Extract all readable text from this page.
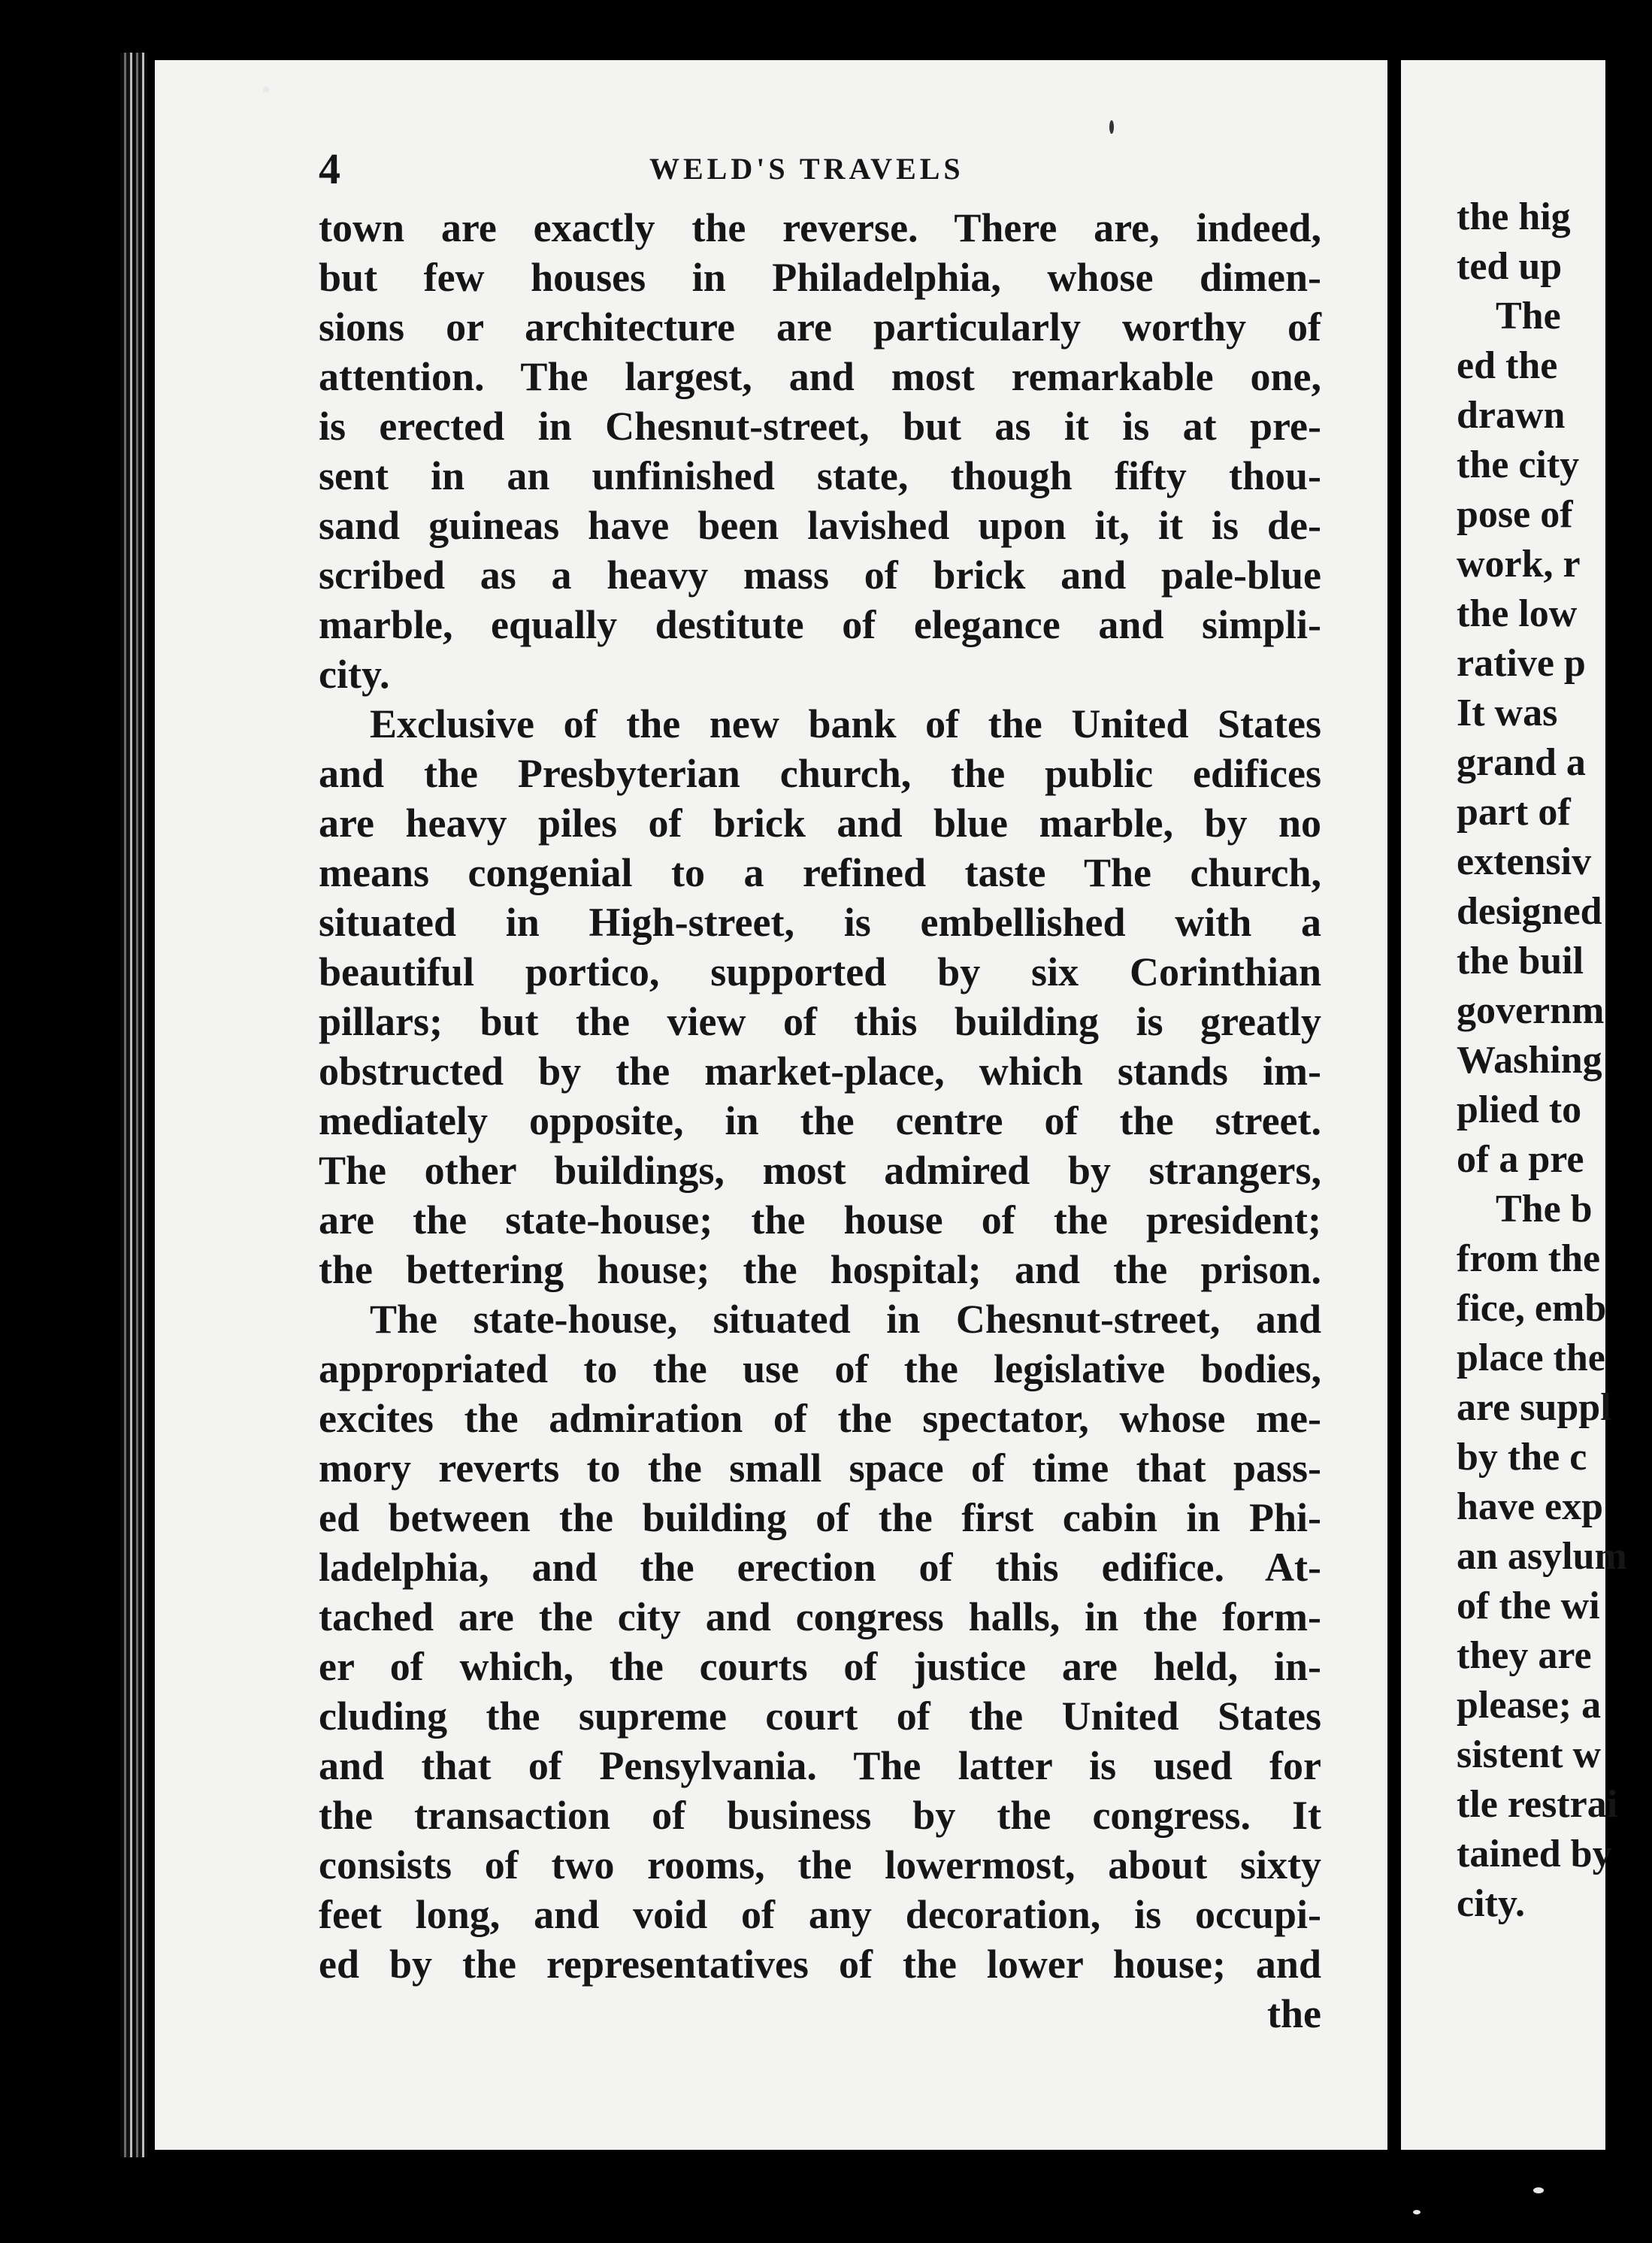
4	WELD'S TRAVELS
town are exactly the reverse. There are, indeed,
but few houses in Philadelphia, whose dimen-
sions or architecture are particularly worthy of
attention. The largest, and most remarkable one,
is erected in Chesnut-street, but as it is at pre-
sent in an unfinished state, though fifty thou-
sand guineas have been lavished upon it, it is de-
scribed as a heavy mass of brick and pale-blue
marble, equally destitute of elegance and simpli-
city.
Exclusive of the new bank of the United States
and the Presbyterian church, the public edifices
are heavy piles of brick and blue marble, by no
means congenial to a refined taste The church,
situated in High-street, is embellished with a
beautiful portico, supported by six Corinthian
pillars; but the view of this building is greatly
obstructed by the market-place, which stands im-
mediately opposite, in the centre of the street.
The other buildings, most admired by strangers,
are the state-house; the house of the president;
the bettering house; the hospital; and the prison.
The state-house, situated in Chesnut-street, and
appropriated to the use of the legislative bodies,
excites the admiration of the spectator, whose me-
mory reverts to the small space of time that pass-
ed between the building of the first cabin in Phi-
ladelphia, and the erection of this edifice. At-
tached are the city and congress halls, in the form-
er of which, the courts of justice are held, in-
cluding the supreme court of the United States
and that of Pensylvania. The latter is used for
the transaction of business by the congress. It
consists of two rooms, the lowermost, about sixty
feet long, and void of any decoration, is occupi-
ed by the representatives of the lower house; and
the
the hig
ted up
The
ed the
drawn
the city
pose of
work, r
the low
rative p
It was
grand a
part of
extensiv
designed
the buil
governm
Washing
plied to
of a pre
The b
from the
fice, emb
place the
are suppl
by the c
have exp
an asylum
of the wi
they are
please; a
sistent w
tle restrai
tained by
city.
